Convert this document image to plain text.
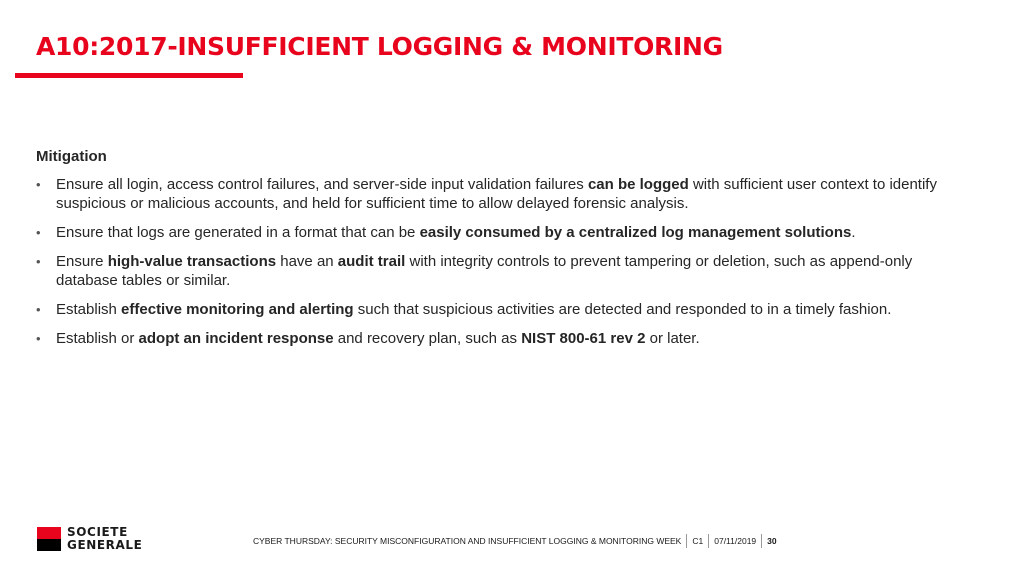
A10:2017-INSUFFICIENT LOGGING & MONITORING
Mitigation
•	Ensure all login, access control failures, and server-side input validation failures can be logged with sufficient user context to identify suspicious or malicious accounts, and held for sufficient time to allow delayed forensic analysis.
•	Ensure that logs are generated in a format that can be easily consumed by a centralized log management solutions.
•	Ensure high-value transactions have an audit trail with integrity controls to prevent tampering or deletion, such as append-only database tables or similar.
•	Establish effective monitoring and alerting such that suspicious activities are detected and responded to in a timely fashion.
•	Establish or adopt an incident response and recovery plan, such as NIST 800-61 rev 2 or later.
SOCIETE
GENERALE	CYBER THURSDAY: SECURITY MISCONFIGURATION AND INSUFFICIENT LOGGING & MONITORING WEEK C1 07/11/2019 30
